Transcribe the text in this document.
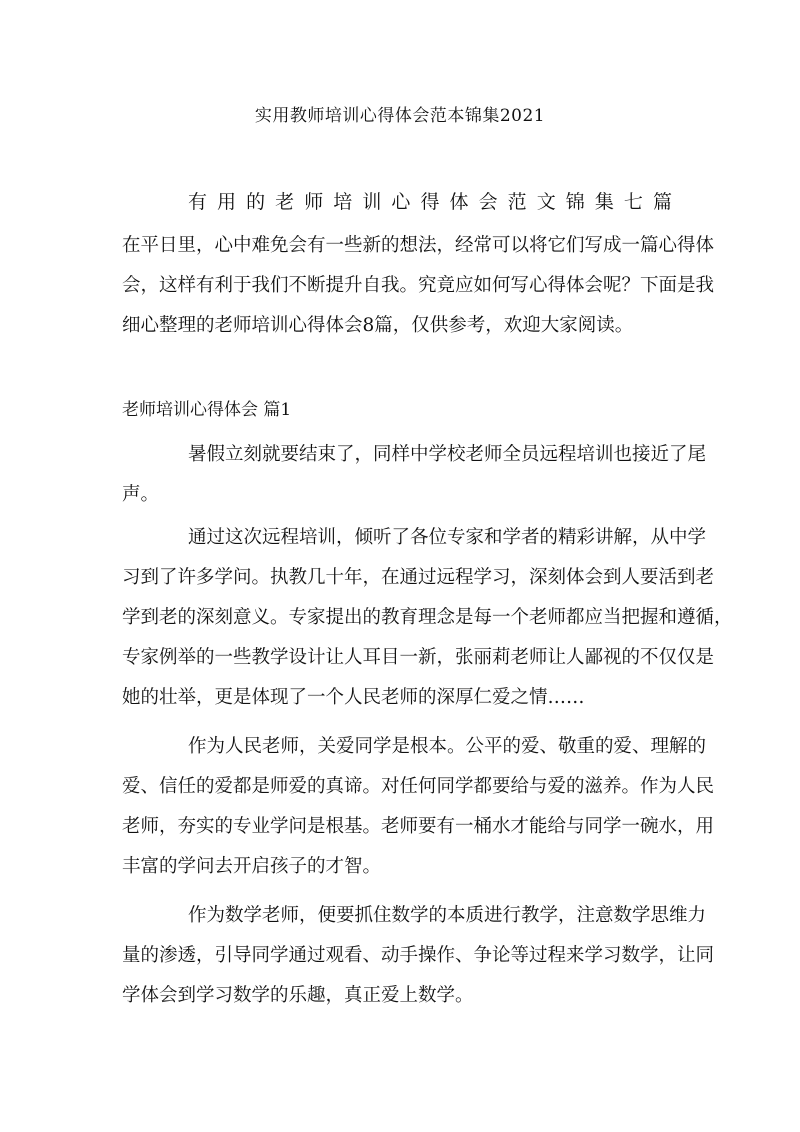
实用教师培训心得体会范本锦集2021
有用的老师培训心得体会范文锦集七篇
在平日里，心中难免会有一些新的想法，经常可以将它们写成一篇心得体
会，这样有利于我们不断提升自我。究竟应如何写心得体会呢？下面是我
细心整理的老师培训心得体会8篇，仅供参考，欢迎大家阅读。
老师培训心得体会 篇1
暑假立刻就要结束了，同样中学校老师全员远程培训也接近了尾
声。
通过这次远程培训，倾听了各位专家和学者的精彩讲解，从中学
习到了许多学问。执教几十年，在通过远程学习，深刻体会到人要活到老
学到老的深刻意义。专家提出的教育理念是每一个老师都应当把握和遵循，
专家例举的一些教学设计让人耳目一新，张丽莉老师让人鄙视的不仅仅是
她的壮举，更是体现了一个人民老师的深厚仁爱之情……
作为人民老师，关爱同学是根本。公平的爱、敬重的爱、理解的
爱、信任的爱都是师爱的真谛。对任何同学都要给与爱的滋养。作为人民
老师，夯实的专业学问是根基。老师要有一桶水才能给与同学一碗水，用
丰富的学问去开启孩子的才智。
作为数学老师，便要抓住数学的本质进行教学，注意数学思维力
量的渗透，引导同学通过观看、动手操作、争论等过程来学习数学，让同
学体会到学习数学的乐趣，真正爱上数学。
